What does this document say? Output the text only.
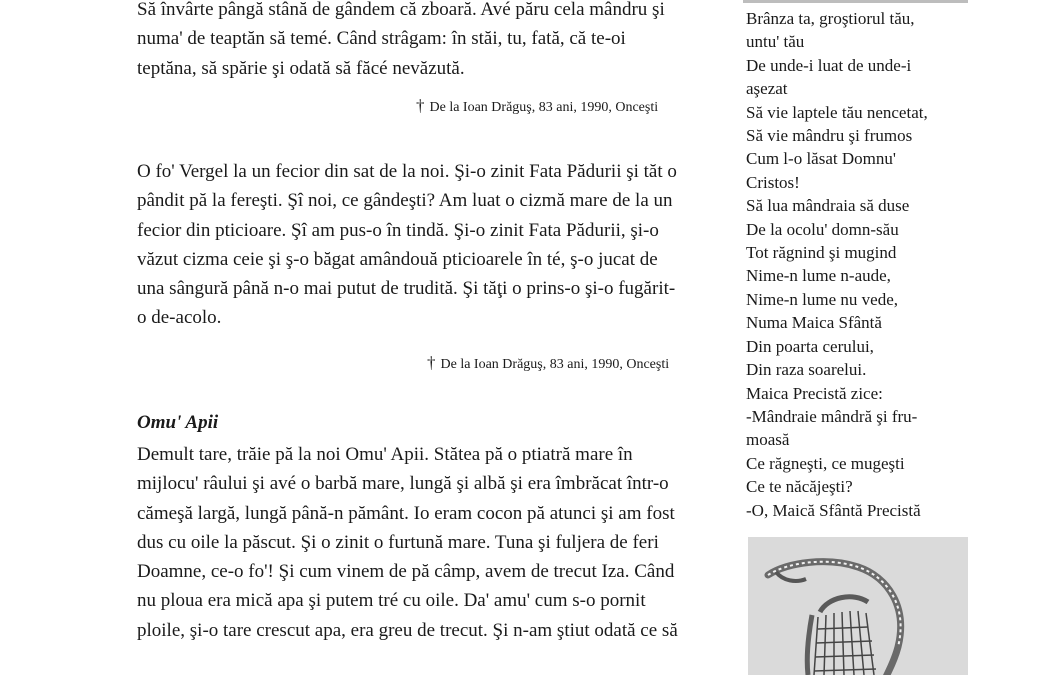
Să învârte pângă stână de gândem că zboară. Avé păru cela mândru şi
numa' de teaptăn să temé. Când strâgam: în stăi, tu, fată, că te-oi
teptăna, să spărie şi odată să făcé nevăzută.
† De la Ioan Drăguş, 83 ani, 1990, Onceşti
O fo' Vergel la un fecior din sat de la noi. Şi-o zinit Fata Pădurii şi tăt o
pândit pă la fereşti. Şî noi, ce gândeşti? Am luat o cizmă mare de la un
fecior din pticioare. Şî am pus-o în tindă. Şi-o zinit Fata Pădurii, şi-o
văzut cizma ceie şi ş-o băgat amândouă pticioarele în té, ş-o jucat de
una sângură până n-o mai putut de trudită. Şi tăţi o prins-o şi-o fugărit-
o de-acolo.
† De la Ioan Drăguş, 83 ani, 1990, Onceşti
Omu' Apii
Demult tare, trăie pă la noi Omu' Apii. Stătea pă o ptiatră mare în
mijlocu' râului şi avé o barbă mare, lungă şi albă şi era îmbrăcat într-o
cămeşă largă, lungă până-n pământ. Io eram cocon pă atunci şi am fost
dus cu oile la păscut. Şi o zinit o furtună mare. Tuna şi fuljera de feri
Doamne, ce-o fo'! Şi cum vinem de pă câmp, avem de trecut Iza. Când
nu ploua era mică apa şi putem tré cu oile. Da' amu' cum s-o pornit
ploile, şi-o tare crescut apa, era greu de trecut. Şi n-am ştiut odată ce să
Brânza ta, groştiorul tău,
untu' tău
De unde-i luat de unde-i
aşezat
Să vie laptele tău nencetat,
Să vie mândru şi frumos
Cum l-o lăsat Domnu'
Cristos!
Să lua mândraia să duse
De la ocolu' domn-său
Tot răgnind şi mugind
Nime-n lume n-aude,
Nime-n lume nu vede,
Numa Maica Sfântă
Din poarta cerului,
Din raza soarelui.
Maica Precistă zice:
-Mândraie mândră şi fru-
moasă
Ce răgneşti, ce mugeşti
Ce te năcăjeşti?
-O, Maică Sfântă Precistă
